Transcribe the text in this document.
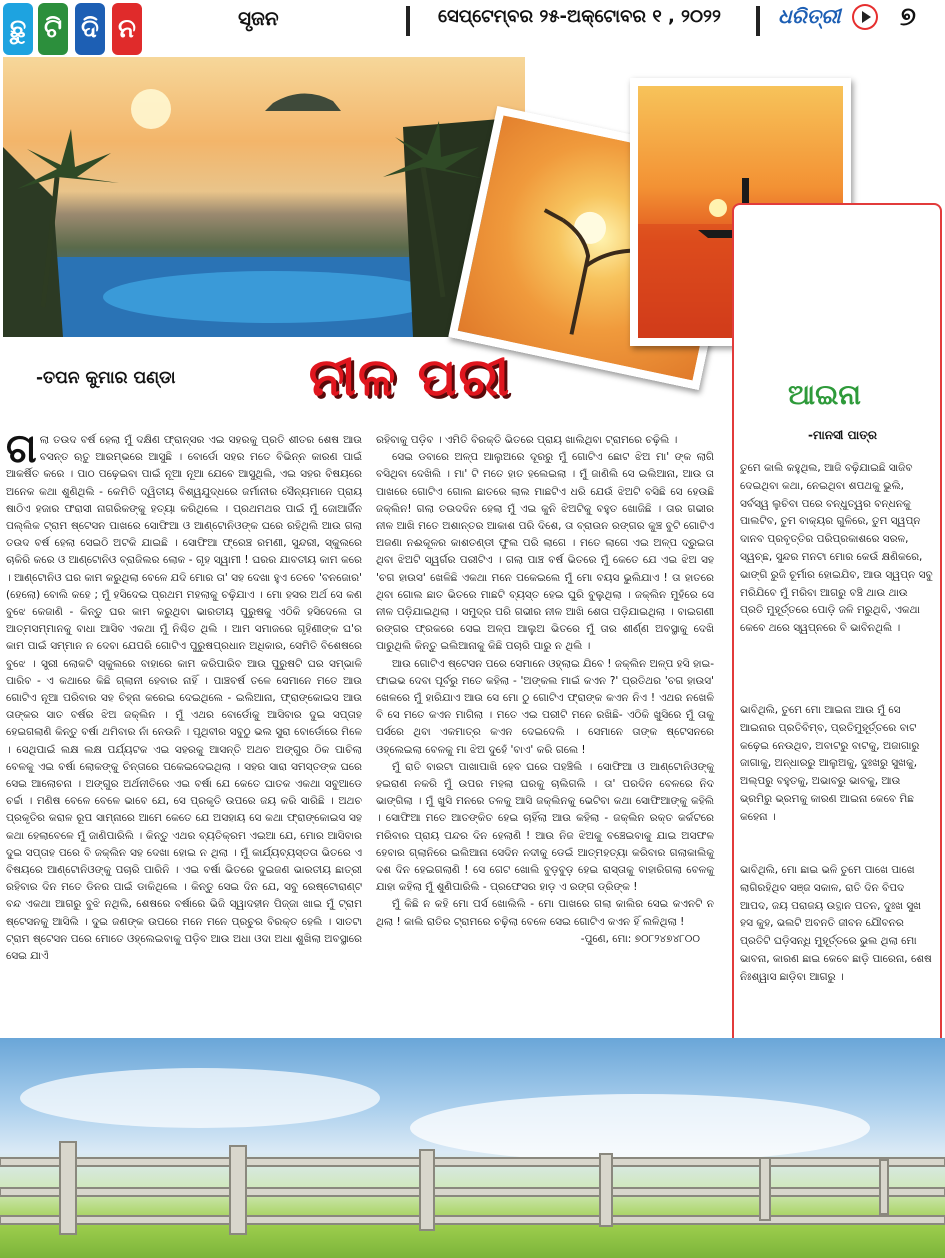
ଛୁ ଟି ଦି ନ	ସୃଜନ	ସେପ୍ଟେମ୍ବର ୨୫-ଅକ୍ଟୋବର ୧ , ୨୦୨୨	ଧରିତ୍ରୀ ୭
-ତପନ କୁମାର ପଣ୍ଡା	ନୀଳ ପରୀ
ଗ ଲା ତଉଦ ବର୍ଷ ହେଲା ମୁଁ ଦକ୍ଷିଣ ଫ୍ରାନ୍ସର ଏଇ ସହରକୁ ପ୍ରତି ଶୀତର ଶେଷ ଆଉ ବସନ୍ତ ଋତୁ ଆରମ୍ଭରେ ଆସୁଛି । ବୋର୍ଡୋ ସହର ମତେ ବିଭିନ୍ନ କାରଣ ପାଇଁ ଆକର୍ଷିତ କରେ । ପାଠ ପଢ଼େଇବା ପାଇଁ ନୂଆ ନୂଆ ଯେବେ ଆସୁଥିଲି, ଏଇ ସହର ବିଷୟରେ ଅନେକ କଥା ଶୁଣିଥିଲି - କେମିତି ଦ୍ୱିତୀୟ ବିଶ୍ୱଯୁଦ୍ଧରେ ଜର୍ମାନୀର ସୈନ୍ୟମାନେ ପ୍ରାୟ ଷାଠିଏ ହଜାର ଫରାସୀ ନାଗରିକଙ୍କୁ ହତ୍ୟା କରିଥିଲେ । ପ୍ରଥମଥର ପାଇଁ ମୁଁ ଜୋଆର୍ଜିନ ପଲ୍ଲିକ ଟ୍ରାମ ଷ୍ଟେସନ ପାଖରେ ସୋଫିଆ ଓ ଆଣ୍ଟୋନିଓଙ୍କ ଘରେ ରହିଥିଲି ଆଉ ଗଲା ତଉଦ ବର୍ଷ ହେଲା ସେଇଠି ଅଟକି ଯାଇଛି । ସୋଫିଆ ଫ୍ରେଞ୍ଚ ରମଣୀ, ସୁନ୍ଦରୀ, ସ୍କୁଲରେ ଚାକିରି କରେ ଓ ଆଣ୍ଟୋନିଓ ବ୍ରାଜିଲର ଲୋକ - ଗୃହ ସ୍ୱାମୀ ! ଘରର ଯାବତୀୟ କାମ କରେ । ଆଣ୍ଟୋନିଓ ଘର କାମ କରୁଥିଲା ବେଳେ ଯଦି ମୋର ତା' ସହ ଦେଖା ହୁଏ ତେବେ 'ବନଜୋର' (ହେଲୋ) ବୋଲି କହେ ; ମୁଁ ହସିଦେଇ ପ୍ରଥମ ମହଲାକୁ ଚଢ଼ିଯାଏ । ମୋ ହସର ଅର୍ଥ ସେ କଣ ବୁଝେ କେଜାଣି - କିନ୍ତୁ ଘର କାମ କରୁଥିବା ଭାରତୀୟ ପୁରୁଷକୁ ଏଠିକି ହସିଦେଲେ ତା ଆତ୍ମସମ୍ମାନକୁ ବାଧା ଆସିବ ଏକଥା ମୁଁ ନିଶ୍ଚିତ ଥିଲି । ଆମ ସମାଜରେ ଗୃହିଣୀଙ୍କ ଘ'ର କାମ ପାଇଁ ସମ୍ମାନ ନ ଦେବା ଯେପରି ଗୋଟିଏ ପୁରୁଷପ୍ରଧାନ ଅଧିକାର, ସେମିତି ବିଶେଷରେ ବୁଝେ । ସ୍ତ୍ରୀ ଲୋକଟି ସ୍କୁଲରେ ବାହାରେ କାମ କରିପାରିବ ଆଉ ପୁରୁଷଟି ଘର ସମ୍ଭାଳି ପାରିବ - ଏ କଥାରେ କିଛି ଗ୍ଲାନୀ ହେବାର ନାହିଁ । ପାଞ୍ଚବର୍ଷ ତଳେ ସେମାନେ ମତେ ଆଉ ଗୋଟିଏ ନୂଆ ପରିବାର ସହ ଚିହ୍ନା କରେଇ ଦେଇଥିଲେ - ଇଲିଆନା, ଫ୍ରାଙ୍କୋଇସ ଆଉ ତାଙ୍କର ସାତ ବର୍ଷର ଝିଅ ଜକ୍ଲିନ । ମୁଁ ଏଥର ବୋର୍ଡୋକୁ ଆସିବାର ଦୁଇ ସପ୍ତାହ ହେଇଗଲାଣି କିନ୍ତୁ ବର୍ଷା ଥମିବାର ନାଁ ନେଉନି । ପୃଥିବୀର ସବୁଠୁ ଭଲ ସୁରା ବୋର୍ଡୋରେ ମିଳେ । ସେଥିପାଇଁ ଲକ୍ଷ ଲକ୍ଷ ପର୍ଯ୍ୟଟକ ଏଇ ସହରକୁ ଆସନ୍ତି ଅଥଚ ଅଙ୍ଗୁର ଠିକ ପାଚିଲା ବେଳକୁ ଏଇ ବର୍ଷା ଲୋକଙ୍କୁ ଚିନ୍ତାରେ ପକେଇଦେଇଥିଲା । ସହର ସାରା ସମସ୍ତଙ୍କ ଘରେ ସେଇ ଆଲୋଚନା । ଅଙ୍ଗୁର ଅର୍ଥନୀତିରେ ଏଇ ବର୍ଷା ଯେ କେତେ ଘାତକ ଏକଥା ସବୁଆଡେ ଚର୍ଚ୍ଚା । ମଣିଷ ବେଳେ ବେଳେ ଭାବେ ଯେ, ସେ ପ୍ରକୃତି ଉପରେ ଜୟ କରି ସାରିଛି । ଅଥଚ ପ୍ରକୃତିର କରାଳ ରୂପ ସାମ୍ନାରେ ଆମେ କେତେ ଯେ ଅସହାୟ ସେ କଥା ଫ୍ରାଙ୍କୋଇସ ସହ କଥା ହେଲାବେଳେ ମୁଁ ଜାଣିପାରିଲି । କିନ୍ତୁ ଏଥର ବ୍ୟତିକ୍ରମ ଏଇଆ ଯେ, ମୋର ଆସିବାର ଦୁଇ ସପ୍ତାହ ପରେ ବି ଜକ୍ଲିନ ସହ ଦେଖା ହୋଇ ନ ଥିଲା । ମୁଁ କାର୍ଯ୍ୟବ୍ୟସ୍ତତା ଭିତରେ ଏ ବିଷୟରେ ଆଣ୍ଟୋନିଓଙ୍କୁ ପଚାରି ପାରିନି । ଏଇ ବର୍ଷା ଭିତରେ ଦୁଇଜଣ ଭାରତୀୟ ଛାତ୍ରୀ ରହିବାର ଦିନ ମତେ ଡିନର ପାଇଁ ଡାକିଥିଲେ । କିନ୍ତୁ ସେଇ ଦିନ ଯେ, ସବୁ ରେଷ୍ଟୋରାଣ୍ଟ ବନ୍ଦ ଏକଥା ଆଗରୁ ବୁଝି ନଥିଲି, ଶେଷରେ ବର୍ଷାରେ ଭିଜି ସ୍ୱାଦହୀନ ପିଜ୍ଜା ଖାଇ ମୁଁ ଟ୍ରାମ ଷ୍ଟେସନକୁ ଆସିଲି । ଦୁଇ ଜଣଙ୍କ ଉପରେ ମନେ ମନେ ପ୍ରଚୁର ବିରକ୍ତ ହେଲି । ସାତଟା ଟ୍ରାମ ଷ୍ଟେସନ ପରେ ମୋତେ ଓହ୍ଲେଇବାକୁ ପଡ଼ିବ ଆଉ ଅଧା ଓଦା ଅଧା ଶୁଖିଲା ଅବସ୍ଥାରେ ସେଇ ଯାଏଁ

ରହିବାକୁ ପଡ଼ିବ । ଏମିତି ବିରକ୍ତି ଭିତରେ ପ୍ରାୟ ଖାଲିଥିବା ଟ୍ରାମରେ ଚଢ଼ିଲି ।

ସେଇ ଡବାରେ ଅଳ୍ପ ଆଲୁଅରେ ଦୂରରୁ ମୁଁ ଗୋଟିଏ ଛୋଟ ଝିଅ ମା' ଙ୍କ ଲାଗି ବସିଥିବା ଦେଖିଲି । ମା' ଟି ମତେ ହାତ ହଲେଇଲା । ମୁଁ ଜାଣିଲି ସେ ଇଲିଆନା, ଆଉ ତା ପାଖରେ ଗୋଟିଏ ଗୋଲ ଛାତରେ ଲାଲ ମାଛଟିଏ ଧରି ଯେଉଁ ଝିଅଟି ବସିଛି ସେ ହେଉଛି ଜକ୍ଲିନ! ଗଲା ତଉଦଦିନ ହେଲା ମୁଁ ଏଇ କୁନି ଝିଅଟିକୁ ବହୁତ ଖୋଜିଛି । ତାର ଗଭୀର ନୀଳ ଆଖି ମତେ ଅଶାନ୍ତର ଆକାଶ ପରି ଦିଶେ, ତା ବ୍ରାଉନ ରଙ୍ଗର କୁଞ୍ଚ ବୁଟି ଗୋଟିଏ ଅଜଣା ନଈକୂଳର କାଶତଣ୍ଡୀ ଫୁଲ ପରି ଲାଗେ । ମତେ ଲାଗେ ଏଇ ଅଳ୍ପ ଦ୍ରୁଇତା ଥିବା ଝିଅଟି ସ୍ୱର୍ଗର ପରୀଟିଏ । ଗଲା ପାଞ୍ଚ ବର୍ଷ ଭିତରେ ମୁଁ କେତେ ଯେ ଏଇ ଝିଅ ସହ 'ଚଗ ହାଉସ' ଖେଳିଛି ଏକଥା ମନେ ପକେଇଲେ ମୁଁ ମୋ ବୟସ ଭୁଲିଯାଏ ! ତା ହାତରେ ଥିବା ଗୋଲ ଛାତ ଭିତରେ ମାଛଟି ବ୍ୟସ୍ତ ହେଇ ଘୁରି ବୁଲୁଥିଲା । ଜକ୍ଲିନ ମୁହଁରେ ସେ ନୀଳ ପଡ଼ିଯାଇଥିଲା । ସମୁଦ୍ର ପରି ଗଭୀର ନୀଳ ଆଖି ଶେତା ପଡ଼ିଯାଇଥିଲା । ବାଇଗଣୀ ରଙ୍ଗର ଫ୍ରକରେ ସେଇ ଅଳ୍ପ ଆଲୁଅ ଭିତରେ ମୁଁ ତାର ଶୀର୍ଣ୍ଣ ଅବସ୍ଥାକୁ ଦେଖି ପାରୁଥିଲି କିନ୍ତୁ ଇଲିଆନାକୁ କିଛି ପଚାରି ପାରୁ ନ ଥିଲି ।

ଆଉ ଗୋଟିଏ ଷ୍ଟେସନ ପରେ ସେମାନେ ଓହ୍ଲାଇ ଯିବେ ! ଜକ୍ଲିନ ଅଳ୍ପ ହସି ହାଇ-ଫାଇଭ ଦେବା ପୂର୍ବରୁ ମତେ କହିଲା - 'ଅଙ୍କଲ ମାଇଁ କଏନ ?' ପ୍ରତିଥର 'ଚଗ ହାଉସ' ଖେଳରେ ମୁଁ ହାରିଯାଏ ଆଉ ସେ ମୋ ଠୁ ଗୋଟିଏ ଫ୍ରାଙ୍କ କଏନ ନିଏ ! ଏଥର ନଖେଳି ବି ସେ ମତେ କଏନ ମାଗିଲା । ମତେ ଏଇ ପରୀଟି ମନେ ରଖିଛି- ଏଠିକି ଖୁସିରେ ମୁଁ ତାକୁ ପର୍ସରେ ଥିବା ଏକମାତ୍ର କଏନ ଦେଇଦେଲି । ସେମାନେ ତାଙ୍କ ଷ୍ଟେସନରେ ଓହ୍ଲେଇଲା ବେଳକୁ ମା ଝିଅ ଦୁହେଁ 'ବାଏ' କରି ଗଲେ !

ମୁଁ ରାତି ବାରଟା ପାଖାପାଖି ହେବ ଘରେ ପହଞ୍ଚିଲି । ସୋଫିଆ ଓ ଆଣ୍ଟୋନିଓଙ୍କୁ ହଇରାଣ ନକରି ମୁଁ ଉପର ମହଲା ଘରକୁ ଚାଲିଗଲି । ତା' ପରଦିନ ବେଳରେ ନିଦ ଭାଙ୍ଗିଲା । ମୁଁ ଖୁସି ମନରେ ତଳକୁ ଆସି ଜକ୍ଲିନକୁ ଭେଟିବା କଥା ସୋଫିଆଙ୍କୁ କହିଲି । ସୋଫିଆ ମତେ ଆତଙ୍କିତ ହେଇ ଚାହିଁଲା ଆଉ କହିଲା - ଜକ୍ଲିନ ରକ୍ତ କର୍କଟରେ ମରିବାର ପ୍ରାୟ ପନ୍ଦର ଦିନ ହେଲାଣି ! ଆଉ ନିଜ ଝିଅକୁ ବଞ୍ଚେଇବାକୁ ଯାଇ ଅସଫଳ ହେବାର ଗ୍ଲାନିରେ ଇଲିଆନା ସେଦିନ ନଦୀକୁ ଡେଇଁ ଆତ୍ମହତ୍ୟା କରିବାର ଗଲାକାଲିକୁ ଦଶ ଦିନ ହେଇଗଲାଣି ! ସେ ଗେଟ ଖୋଲି ବୁଡ଼ବୁଡ଼ ହେଇ ରାସ୍ତାକୁ ବାହାରିଗଲା ବେଳକୁ ଯାହା କହିଲା ମୁଁ ଶୁଣିପାରିଲି - ପ୍ରଫେସର ହାଡ଼ ଏ ରଙ୍ଗ ଡ୍ରିଙ୍କ !

ମୁଁ କିଛି ନ କହି ମୋ ପର୍ସ ଖୋଲିଲି - ମୋ ପାଖରେ ଗଲା କାଲିର ସେଇ କଏନଟି ନ ଥିଲା ! କାଲି ରାତିର ଟ୍ରାମରେ ଚଢ଼ିଲା ବେଳେ ସେଇ ଗୋଟିଏ କଏନ ହିଁ ଲଳିଥିଲା !

-ପୁଣେ, ମୋ: ୭୦୮୨୪୭୪୮୦୦

ଆଇନା
-ମାନସୀ ପାତ୍ର

ତୁମେ କାଲି କହୁଥିଲ, ଆଜି ବଢ଼ିଯାଇଛି ସାଜିବ ଦେଇଥିବା କଥା, ନେଇଥିବା ଶପଥକୁ ଭୁଲି, ସର୍ବସ୍ୱ ଲୁଚିବା ପରେ ବନ୍ଧୁତ୍ୱର ବନ୍ଧନକୁ ପାଲଟିବ, ତୁମ ବାକ୍ୟର ଗୁଳିରେ, ତୁମ ସ୍ୱପ୍ନ ଦାନବ ପ୍ରବୃତ୍ତିର ପରିପ୍ରକାଶରେ ସରଳ, ସ୍ୱଚ୍ଛ, ସୁନ୍ଦର ମନଟା ମୋର କେଉଁ କ୍ଷଣିକରେ, ଭାଙ୍ଗି ରୁଜି ଚୂର୍ମାର ହୋଇଯିବ, ଆଉ ସ୍ୱପ୍ନ ସବୁ ମରିଯିବେ ମୁଁ ମରିବା ଆଗରୁ ବଞ୍ଚି ଥାଉ ଥାଉ ପ୍ରତି ମୁହୂର୍ତ୍ତରେ ପୋଡ଼ି ଜଳି ମରୁଥିବି, ଏକଥା କେବେ ଥରେ ସ୍ୱପ୍ନରେ ବି ଭାବିନଥିଲି ।

ଭାବିଥିଲି, ତୁମେ ମୋ ଆଇନା ଆଉ ମୁଁ ସେ ଆଇନାର ପ୍ରତିବିମ୍ବ, ପ୍ରତିମୁହୂର୍ତ୍ତରେ ବାଟ କଢ଼େଇ ନେଉଥିବ, ଅବାଟରୁ ବାଟକୁ, ଅଜାଗାରୁ ଜାଗାକୁ, ଅନ୍ଧାରରୁ ଆଲୁଅକୁ, ଦୁଃଖରୁ ସୁଖକୁ, ଅଲ୍ପରୁ ବହୁତକୁ, ଅଭାବରୁ ଭାବକୁ, ଆଉ ଭ୍ରମିରୁ ଭ୍ରମକୁ କାରଣ ଆଇନା କେବେ ମିଛ କହେନା ।

ଭାବିଥିଲି, ମୋ ଛାଇ ଭଳି ତୁମେ ପାଖେ ପାଖେ ଲାଗିରହିଥିବ ସଞ୍ଜ ସକାଳ, ରାତି ଦିନ ବିପଦ ଆପଦ, ଜୟ ପରାଜୟ ଉତ୍ଥାନ ପତନ, ଦୁଃଖ ସୁଖ ହସ କୁହ, ଭଲଟି ଅବନତି ଜୀବନ ଯୌବନର ପ୍ରତିଟି ଘଡ଼ିସନ୍ଧି ମୁହୂର୍ତ୍ତରେ ଭୁଲ ଥିଲା ମୋ ଭାବନା, କାରଣ ଛାଇ କେବେ ଛାଡ଼ି ପାରେନା, ଶେଷ ନିଃଶ୍ୱାସ ଛାଡ଼ିବା ଆଗରୁ ।
